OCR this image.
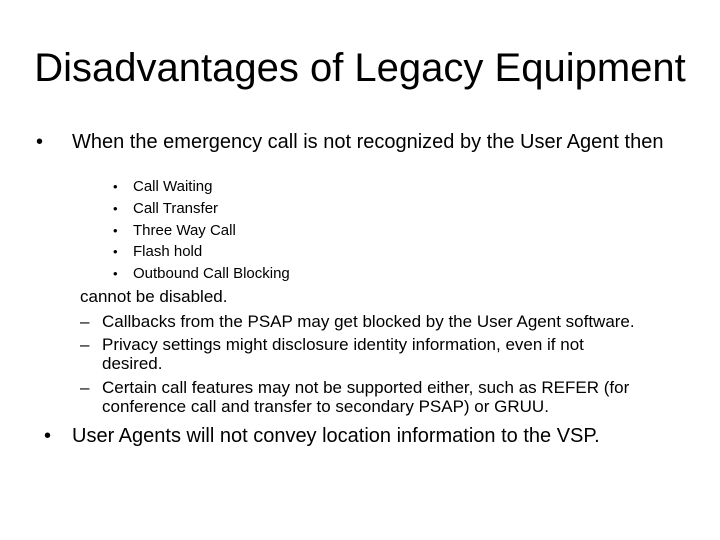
Disadvantages of Legacy Equipment
• When the emergency call is not recognized by the User Agent then
• Call Waiting
• Call Transfer
• Three Way Call
• Flash hold
• Outbound Call Blocking
cannot be disabled.
– Callbacks from the PSAP may get blocked by the User Agent software.
– Privacy settings might disclosure identity information, even if not desired.
– Certain call features may not be supported either, such as REFER (for conference call and transfer to secondary PSAP) or GRUU.
• User Agents will not convey location information to the VSP.
